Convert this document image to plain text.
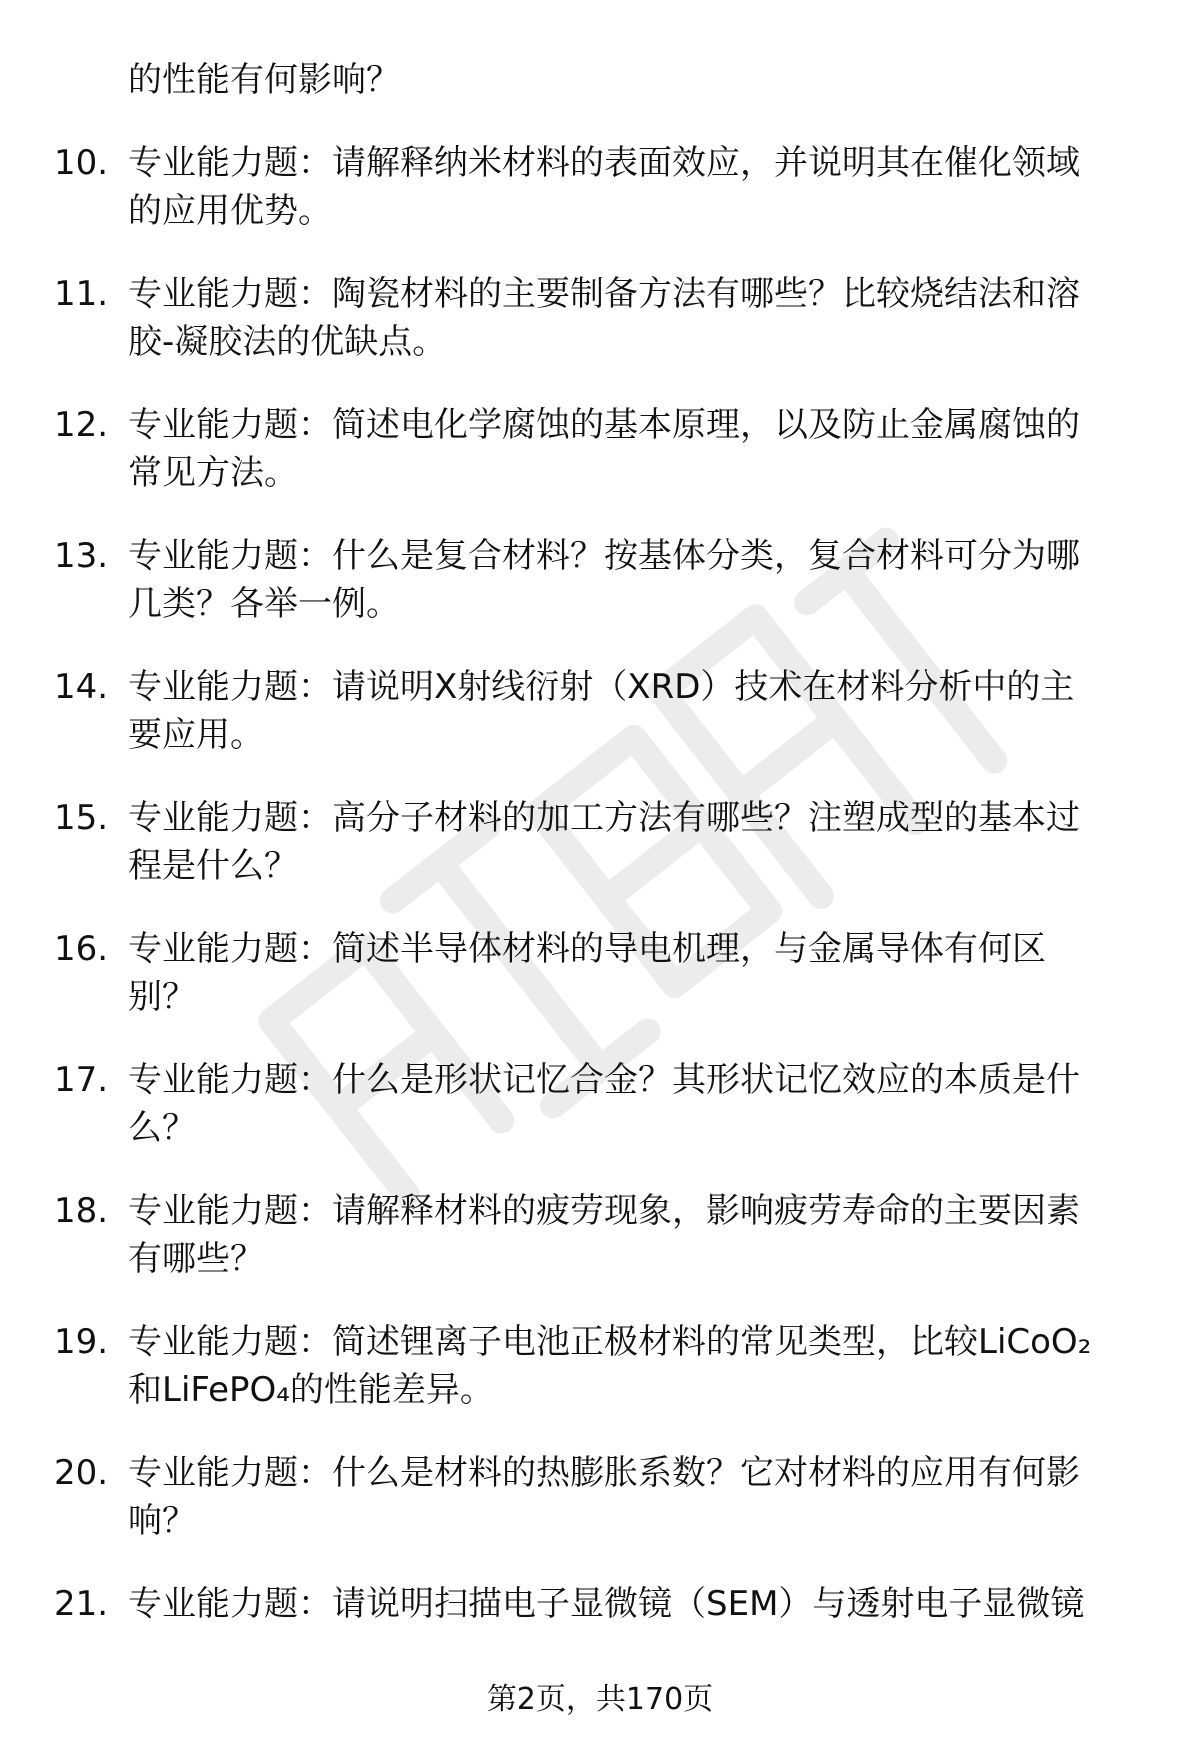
的性能有何影响？
10. 专业能力题：请解释纳米材料的表面效应，并说明其在催化领域
的应用优势。
11. 专业能力题：陶瓷材料的主要制备方法有哪些？比较烧结法和溶
胶-凝胶法的优缺点。
12. 专业能力题：简述电化学腐蚀的基本原理，以及防止金属腐蚀的
常见方法。
13. 专业能力题：什么是复合材料？按基体分类，复合材料可分为哪
几类？各举一例。
14. 专业能力题：请说明X射线衍射（XRD）技术在材料分析中的主
要应用。
15. 专业能力题：高分子材料的加工方法有哪些？注塑成型的基本过
程是什么？
16. 专业能力题：简述半导体材料的导电机理，与金属导体有何区
别？
17. 专业能力题：什么是形状记忆合金？其形状记忆效应的本质是什
么？
18. 专业能力题：请解释材料的疲劳现象，影响疲劳寿命的主要因素
有哪些？
19. 专业能力题：简述锂离子电池正极材料的常见类型，比较LiCoO₂
和LiFePO₄的性能差异。
20. 专业能力题：什么是材料的热膨胀系数？它对材料的应用有何影
响？
21. 专业能力题：请说明扫描电子显微镜（SEM）与透射电子显微镜
第2页，共170页
